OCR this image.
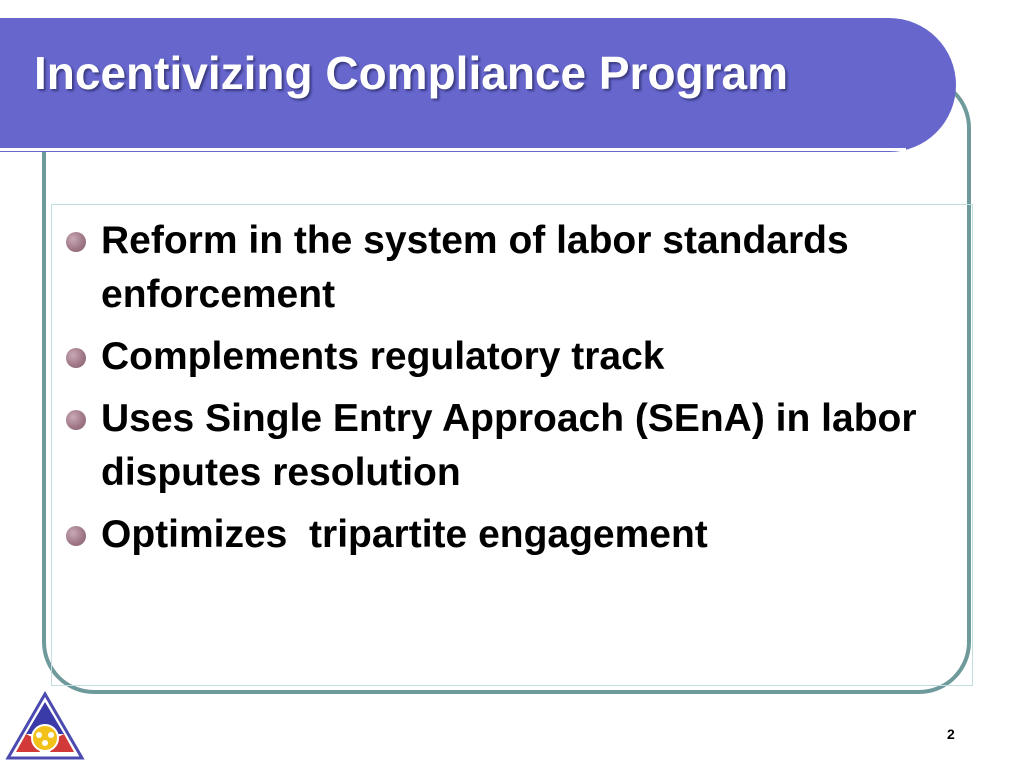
Incentivizing Compliance Program
Reform in the system of labor standards enforcement
Complements regulatory track
Uses Single Entry Approach (SEnA) in labor disputes resolution
Optimizes  tripartite engagement
2
